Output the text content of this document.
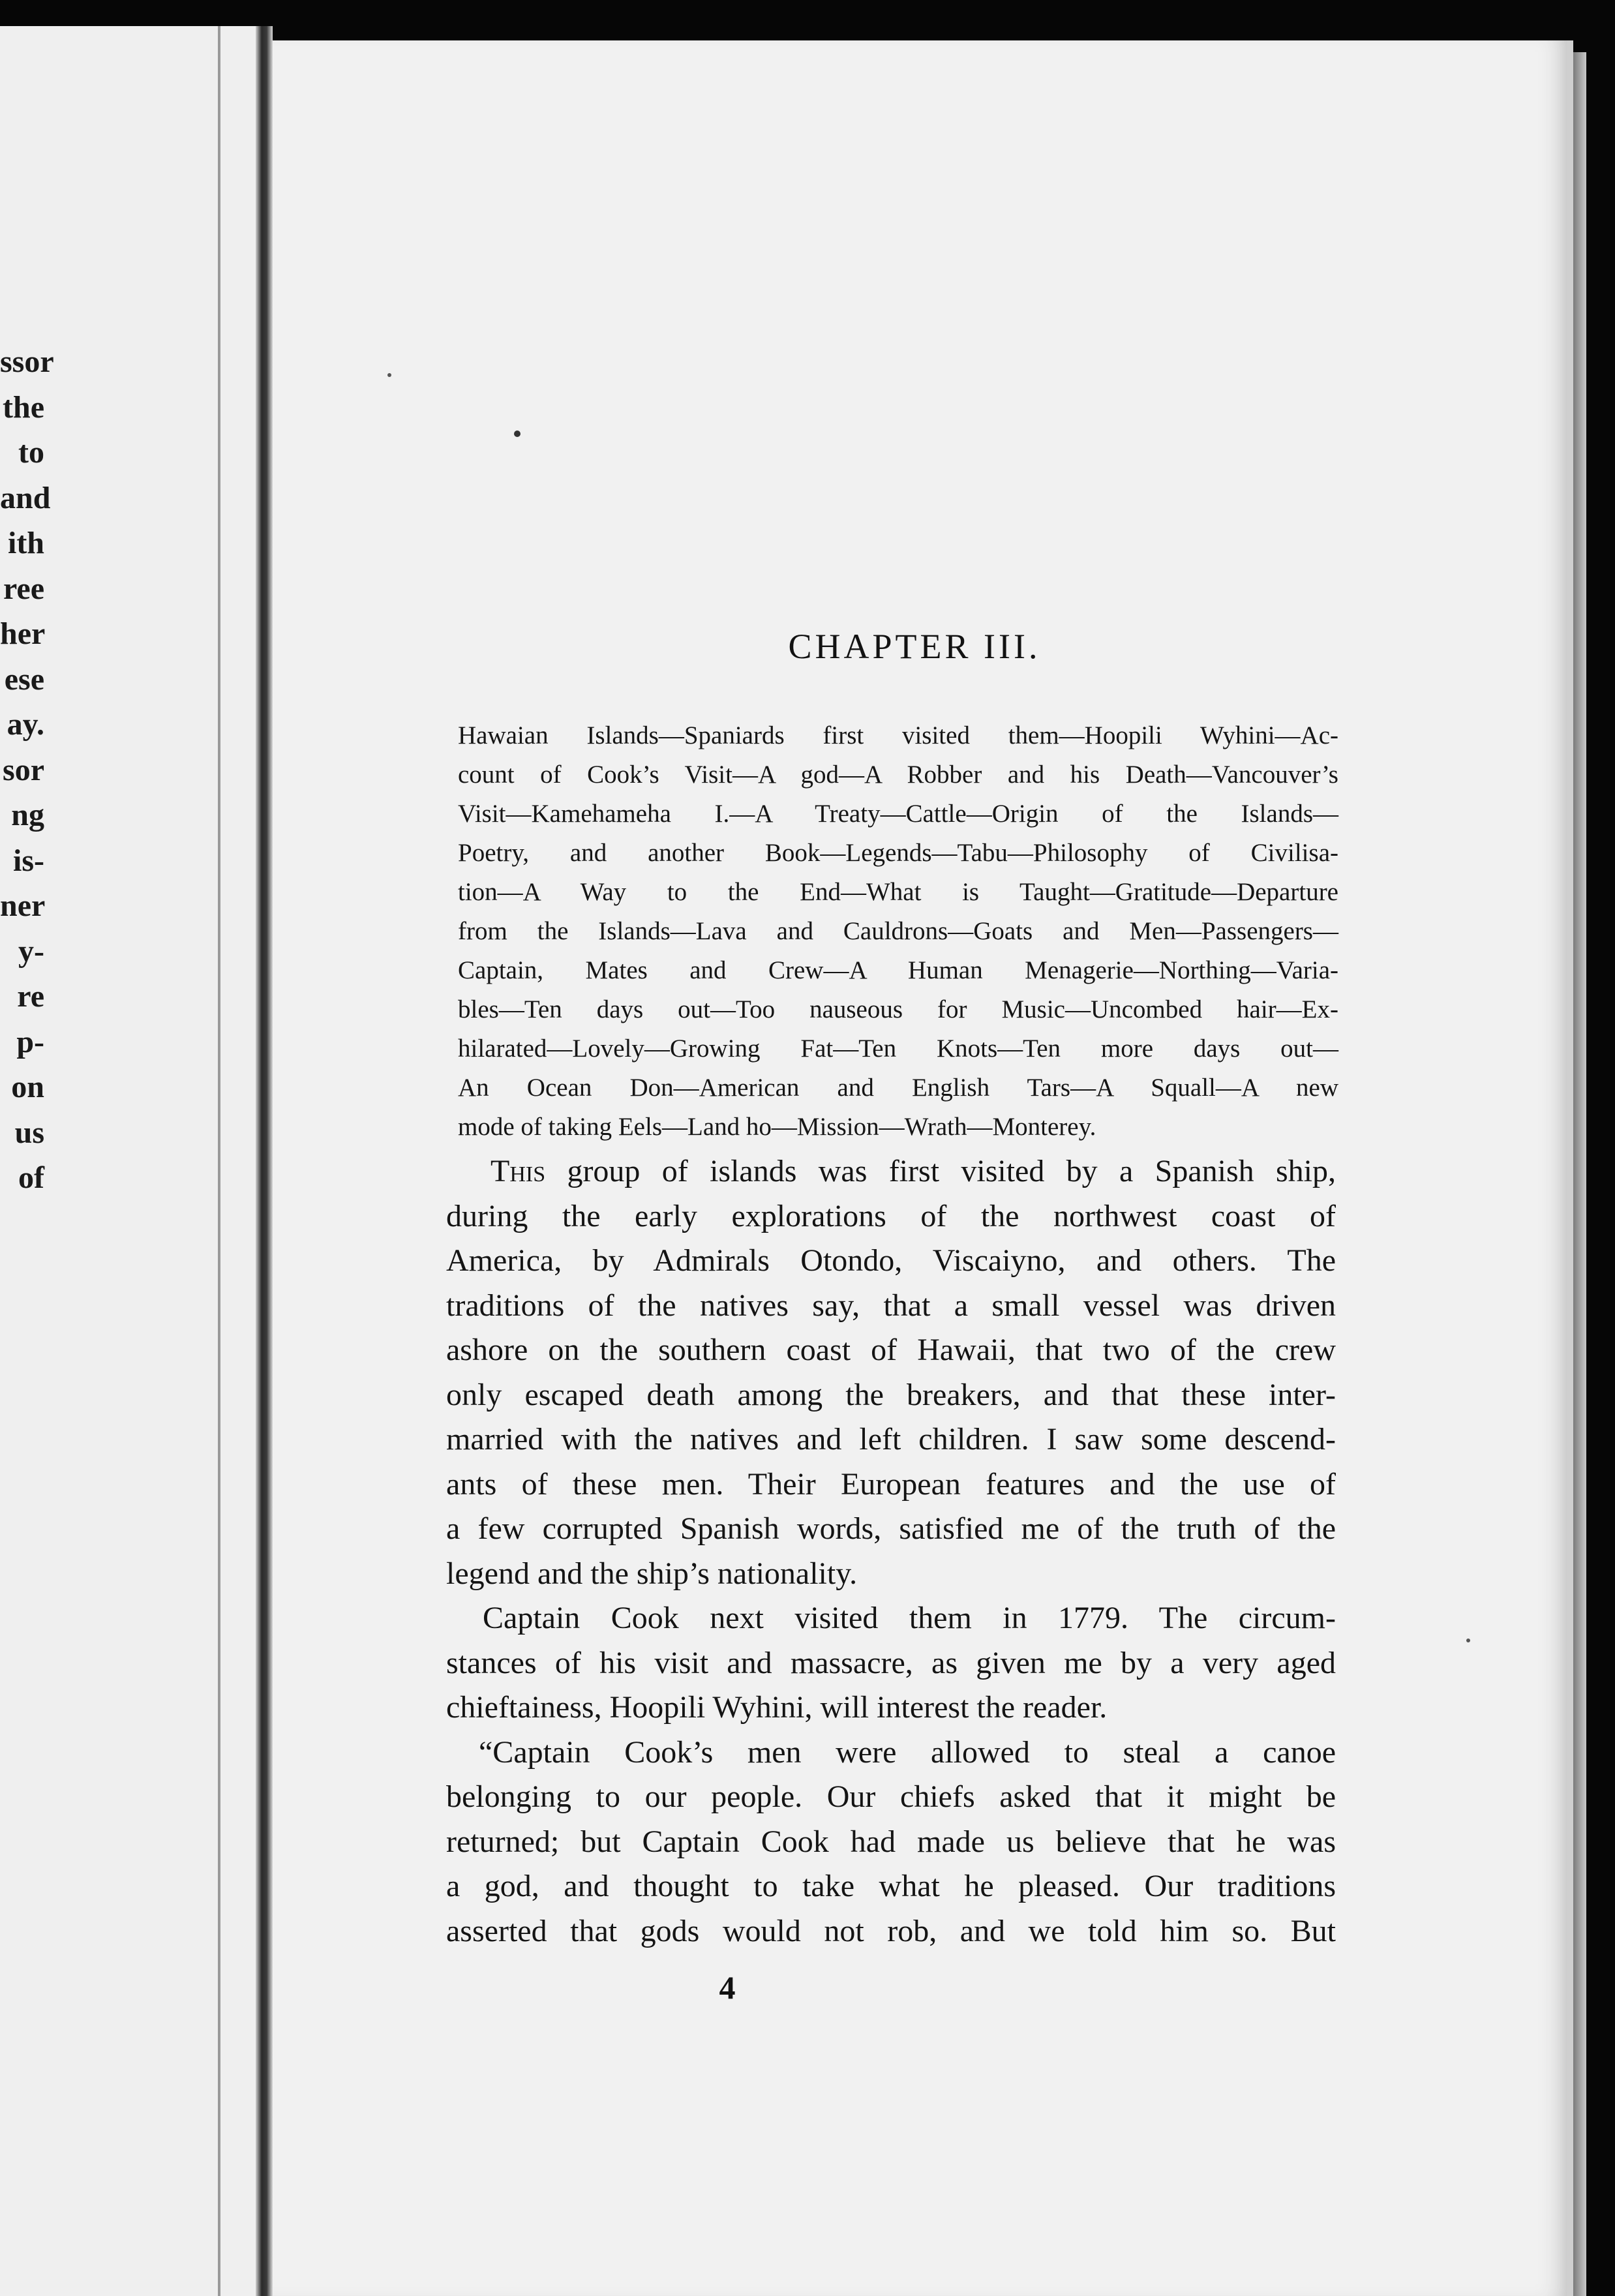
ssor
the
to
and
ith
ree
her
ese
ay.
sor
ng
is-
ner
y-
re
p-
on
us
of
CHAPTER III.
Hawaian Islands—Spaniards first visited them—Hoopili Wyhini—Ac-
count of Cook’s Visit—A god—A Robber and his Death—Vancouver’s
Visit—Kamehameha I.—A Treaty—Cattle—Origin of the Islands—
Poetry, and another Book—Legends—Tabu—Philosophy of Civilisa-
tion—A Way to the End—What is Taught—Gratitude—Departure
from the Islands—Lava and Cauldrons—Goats and Men—Passengers—
Captain, Mates and Crew—A Human Menagerie—Northing—Varia-
bles—Ten days out—Too nauseous for Music—Uncombed hair—Ex-
hilarated—Lovely—Growing Fat—Ten Knots—Ten more days out—
An Ocean Don—American and English Tars—A Squall—A new
mode of taking Eels—Land ho—Mission—Wrath—Monterey.
This group of islands was first visited by a Spanish ship,
during the early explorations of the northwest coast of
America, by Admirals Otondo, Viscaiyno, and others. The
traditions of the natives say, that a small vessel was driven
ashore on the southern coast of Hawaii, that two of the crew
only escaped death among the breakers, and that these inter-
married with the natives and left children. I saw some descend-
ants of these men. Their European features and the use of
a few corrupted Spanish words, satisfied me of the truth of the
legend and the ship’s nationality.
Captain Cook next visited them in 1779. The circum-
stances of his visit and massacre, as given me by a very aged
chieftainess, Hoopili Wyhini, will interest the reader.
“Captain Cook’s men were allowed to steal a canoe
belonging to our people. Our chiefs asked that it might be
returned; but Captain Cook had made us believe that he was
a god, and thought to take what he pleased. Our traditions
asserted that gods would not rob, and we told him so. But
4
